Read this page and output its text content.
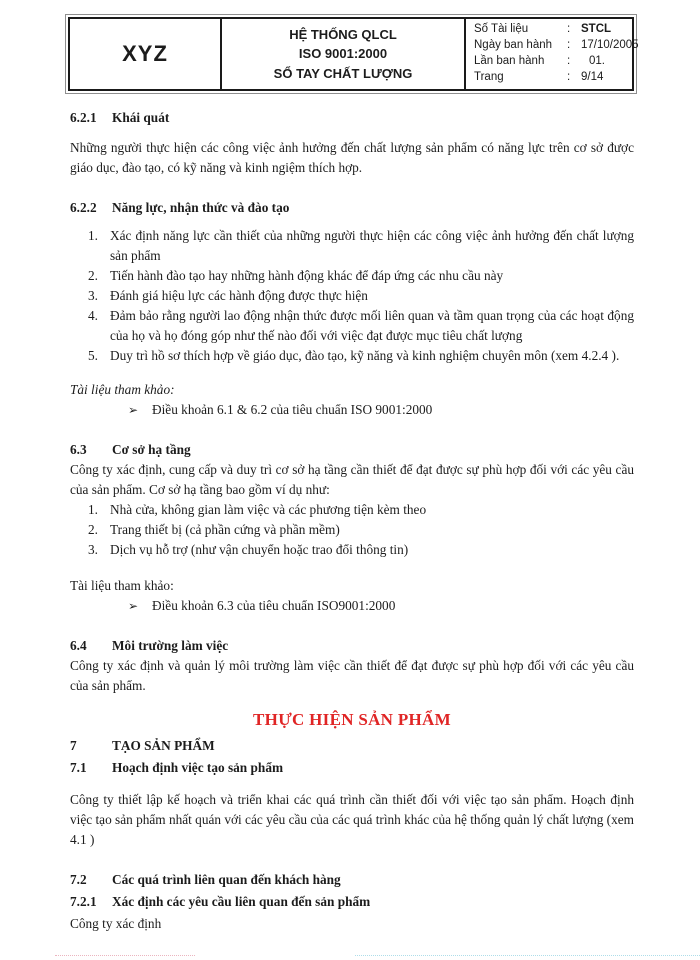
XYZ
HỆ THỐNG QLCL
ISO 9001:2000
SỔ TAY CHẤT LƯỢNG
Số Tài liệu	: STCL
Ngày ban hành	: 17/10/2005
Lần ban hành	:	01.
Trang	: 9/14
6.2.1	Khái quát
Những người thực hiện các công việc ảnh hưởng đến chất lượng sản phẩm có năng lực trên cơ sở được giáo dục, đào tạo, có kỹ năng và kinh ngiệm thích hợp.
6.2.2	Năng lực, nhận thức và đào tạo
1. Xác định năng lực cần thiết của những người thực hiện các công việc ảnh hưởng đến chất lượng sản phẩm
2. Tiến hành đào tạo hay những hành động khác để đáp ứng các nhu cầu này
3. Đánh giá hiệu lực các hành động được thực hiện
4. Đảm bảo rằng người lao động nhận thức được mối liên quan và tầm quan trọng của các hoạt động của họ và họ đóng góp như thế nào đối với việc đạt được mục tiêu chất lượng
5. Duy trì hồ sơ thích hợp về giáo dục, đào tạo, kỹ năng và kinh nghiệm chuyên môn (xem 4.2.4 ).
Tài liệu tham khảo:
➢	Điều khoản 6.1 & 6.2 của tiêu chuẩn ISO 9001:2000
6.3	Cơ sở hạ tầng
Công ty xác định, cung cấp và duy trì cơ sở hạ tầng cần thiết để đạt được sự phù hợp đối với các yêu cầu của sản phẩm. Cơ sở hạ tầng bao gồm ví dụ như:
1. Nhà cửa, không gian làm việc và các phương tiện kèm theo
2. Trang thiết bị (cả phần cứng và phần mềm)
3. Dịch vụ hỗ trợ (như vận chuyển hoặc trao đổi thông tin)
Tài liệu tham khảo:
➢	Điều khoản 6.3 của tiêu chuẩn ISO9001:2000
6.4	Môi trường làm việc
Công ty xác định và quản lý môi trường làm việc cần thiết để đạt được sự phù hợp đối với các yêu cầu của sản phẩm.
THỰC HIỆN SẢN PHẨM
7	TẠO SẢN PHẨM
7.1	Hoạch định việc tạo sản phẩm
Công ty thiết lập kế hoạch và triển khai các quá trình cần thiết đối với việc tạo sản phẩm. Hoạch định việc tạo sản phẩm nhất quán với các yêu cầu của các quá trình khác của hệ thống quản lý chất lượng (xem 4.1 )
7.2	Các quá trình liên quan đến khách hàng
7.2.1	Xác định các yêu cầu liên quan đến sản phẩm
Công ty xác định
